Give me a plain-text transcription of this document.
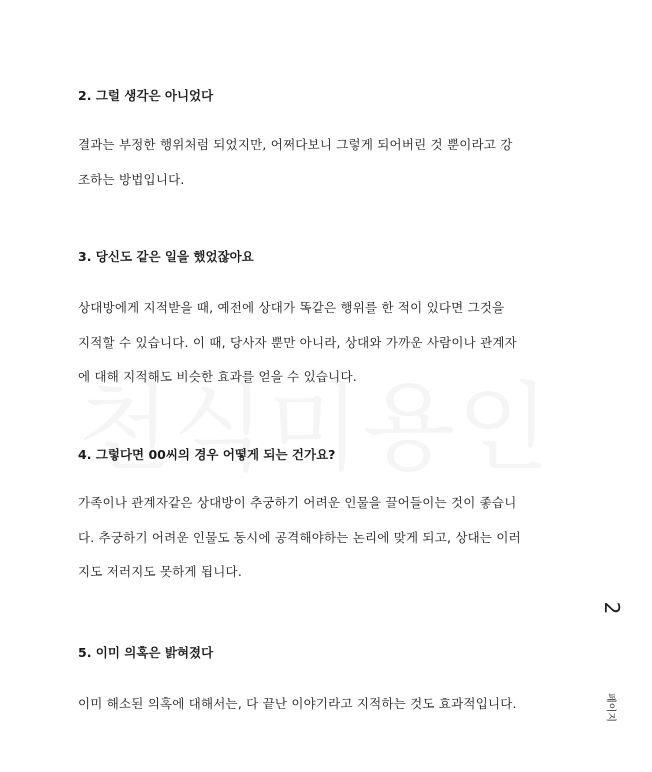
2. 그럴 생각은 아니었다

결과는 부정한 행위처럼 되었지만, 어쩌다보니 그렇게 되어버린 것 뿐이라고 강
조하는 방법입니다.

3. 당신도 같은 일을 했었잖아요

상대방에게 지적받을 때, 예전에 상대가 똑같은 행위를 한 적이 있다면 그것을
지적할 수 있습니다. 이 때, 당사자 뿐만 아니라, 상대와 가까운 사람이나 관계자
에 대해 지적해도 비슷한 효과를 얻을 수 있습니다.

4. 그렇다면 00씨의 경우 어떻게 되는 건가요?

가족이나 관계자같은 상대방이 추궁하기 어려운 인물을 끌어들이는 것이 좋습니
다. 추궁하기 어려운 인물도 동시에 공격해야하는 논리에 맞게 되고, 상대는 이러
지도 저러지도 못하게 됩니다.

5. 이미 의혹은 밝혀졌다

이미 해소된 의혹에 대해서는, 다 끝난 이야기라고 지적하는 것도 효과적입니다.
2
페이지
